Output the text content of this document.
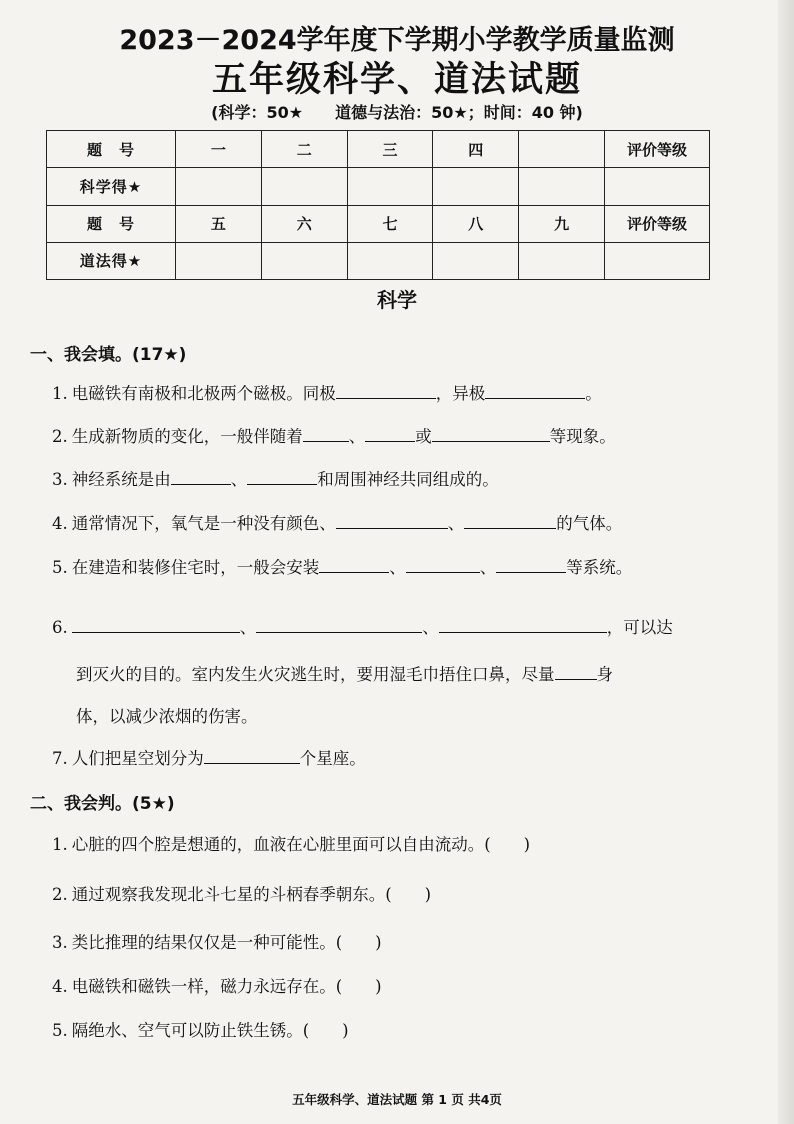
2023－2024学年度下学期小学教学质量监测
五年级科学、道法试题
(科学：50★　　道德与法治：50★；时间：40 钟)
题　号	一	二	三	四		评价等级
科学得★						
题　号	五	六	七	八	九	评价等级
道法得★						
科学
一、我会填。(17★)
1. 电磁铁有南极和北极两个磁极。同极	，异极	。
2. 生成新物质的变化，一般伴随着	、	或	等现象。
3. 神经系统是由	、	和周围神经共同组成的。
4. 通常情况下，氧气是一种没有颜色、	、	的气体。
5. 在建造和装修住宅时，一般会安装	、	、	等系统。
6.	、	、	，可以达
到灭火的目的。室内发生火灾逃生时，要用湿毛巾捂住口鼻，尽量	身
体，以减少浓烟的伤害。
7. 人们把星空划分为	个星座。
二、我会判。(5★)
1. 心脏的四个腔是想通的，血液在心脏里面可以自由流动。(　　)
2. 通过观察我发现北斗七星的斗柄春季朝东。(　　)
3. 类比推理的结果仅仅是一种可能性。(　　)
4. 电磁铁和磁铁一样，磁力永远存在。(　　)
5. 隔绝水、空气可以防止铁生锈。(　　)
五年级科学、道法试题 第 1 页 共4页
